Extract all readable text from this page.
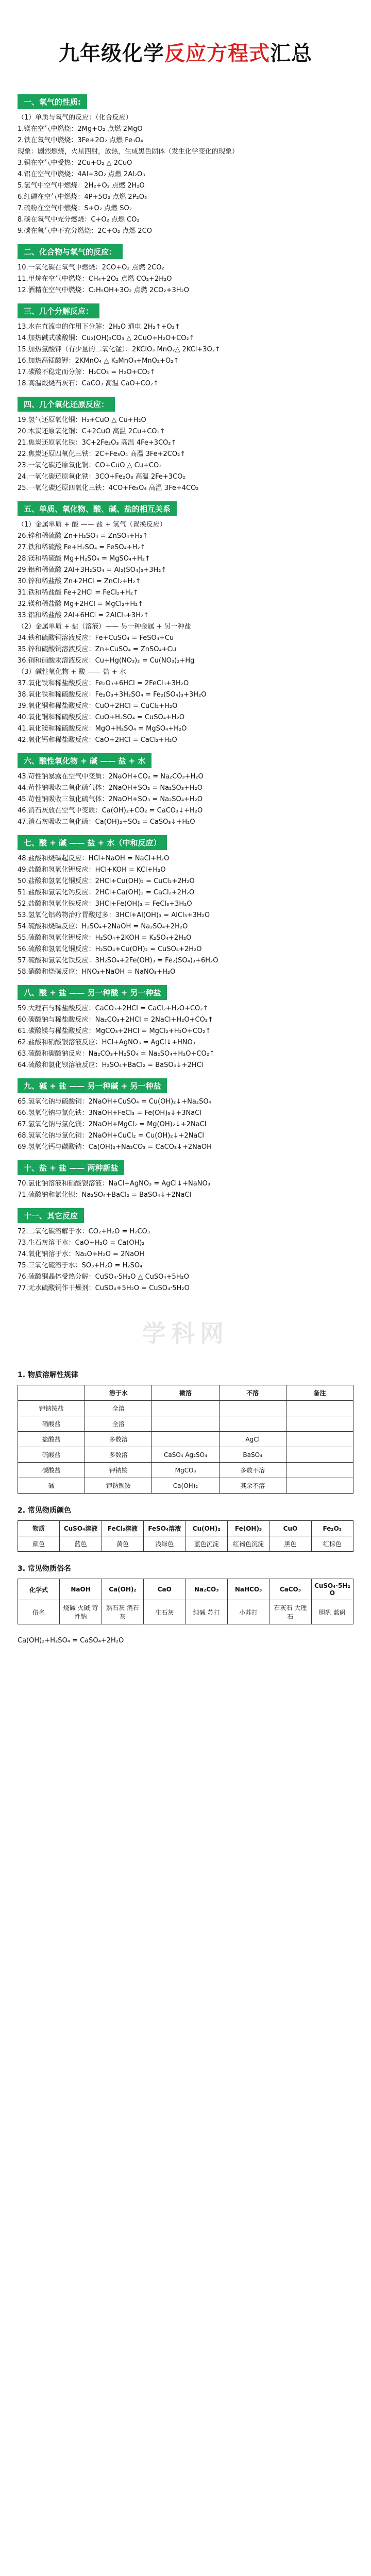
九年级化学反应方程式汇总
一、氧气的性质:

（1）单质与氧气的反应：（化合反应）

1.镁在空气中燃烧：2Mg+O₂ 点燃 2MgO

2.铁在氧气中燃烧：3Fe+2O₂ 点燃 Fe₃O₄

现象：剧烈燃烧，火星四射，放热，生成黑色固体（发生化学变化的现象）

3.铜在空气中受热：2Cu+O₂ △ 2CuO

4.铝在空气中燃烧：4Al+3O₂ 点燃 2Al₂O₃

5.氢气中空气中燃烧：2H₂+O₂ 点燃 2H₂O

6.红磷在空气中燃烧：4P+5O₂ 点燃 2P₂O₅

7.硫粉在空气中燃烧：S+O₂ 点燃 SO₂

8.碳在氧气中充分燃烧：C+O₂ 点燃 CO₂

9.碳在氧气中不充分燃烧：2C+O₂ 点燃 2CO

二、化合物与氧气的反应：

10.一氧化碳在氧气中燃烧：2CO+O₂ 点燃 2CO₂

11.甲烷在空气中燃烧：CH₄+2O₂ 点燃 CO₂+2H₂O

12.酒精在空气中燃烧：C₂H₅OH+3O₂ 点燃 2CO₂+3H₂O

三、几个分解反应：

13.水在直流电的作用下分解：2H₂O 通电 2H₂↑+O₂↑

14.加热碱式碳酸铜：Cu₂(OH)₂CO₃ △ 2CuO+H₂O+CO₂↑

15.加热氯酸钾（有少量的二氧化锰）：2KClO₃ MnO₂△ 2KCl+3O₂↑

16.加热高锰酸钾：2KMnO₄ △ K₂MnO₄+MnO₂+O₂↑

17.碳酸不稳定而分解：H₂CO₃ = H₂O+CO₂↑

18.高温煅烧石灰石：CaCO₃ 高温 CaO+CO₂↑

四、几个氧化还原反应：

19.氢气还原氧化铜：H₂+CuO △ Cu+H₂O

20.木炭还原氧化铜：C+2CuO 高温 2Cu+CO₂↑

21.焦炭还原氧化铁：3C+2Fe₂O₃ 高温 4Fe+3CO₂↑

22.焦炭还原四氧化三铁：2C+Fe₃O₄ 高温 3Fe+2CO₂↑

23.一氧化碳还原氧化铜：CO+CuO △ Cu+CO₂

24.一氧化碳还原氧化铁：3CO+Fe₂O₃ 高温 2Fe+3CO₂

25.一氧化碳还原四氧化三铁：4CO+Fe₃O₄ 高温 3Fe+4CO₂

五、单质、氧化物、酸、碱、盐的相互关系

（1）金属单质 + 酸 —— 盐 + 氢气（置换反应）

26.锌和稀硫酸 Zn+H₂SO₄ = ZnSO₄+H₂↑

27.铁和稀硫酸 Fe+H₂SO₄ = FeSO₄+H₂↑

28.镁和稀硫酸 Mg+H₂SO₄ = MgSO₄+H₂↑

29.铝和稀硫酸 2Al+3H₂SO₄ = Al₂(SO₄)₃+3H₂↑

30.锌和稀盐酸 Zn+2HCl = ZnCl₂+H₂↑

31.铁和稀盐酸 Fe+2HCl = FeCl₂+H₂↑

32.镁和稀盐酸 Mg+2HCl = MgCl₂+H₂↑

33.铝和稀盐酸 2Al+6HCl = 2AlCl₃+3H₂↑

（2）金属单质 + 盐（溶液）—— 另一种金属 + 另一种盐

34.铁和硫酸铜溶液反应：Fe+CuSO₄ = FeSO₄+Cu

35.锌和硫酸铜溶液反应：Zn+CuSO₄ = ZnSO₄+Cu

36.铜和硝酸汞溶液反应：Cu+Hg(NO₃)₂ = Cu(NO₃)₂+Hg

（3）碱性氧化物 + 酸 —— 盐 + 水

37.氧化铁和稀盐酸反应：Fe₂O₃+6HCl = 2FeCl₃+3H₂O

38.氧化铁和稀硫酸反应：Fe₂O₃+3H₂SO₄ = Fe₂(SO₄)₃+3H₂O

39.氧化铜和稀盐酸反应：CuO+2HCl = CuCl₂+H₂O

40.氧化铜和稀硫酸反应：CuO+H₂SO₄ = CuSO₄+H₂O

41.氧化镁和稀硫酸反应：MgO+H₂SO₄ = MgSO₄+H₂O

42.氧化钙和稀盐酸反应：CaO+2HCl = CaCl₂+H₂O

六、酸性氧化物 + 碱 —— 盐 + 水

43.苛性钠暴露在空气中变质：2NaOH+CO₂ = Na₂CO₃+H₂O

44.苛性钠吸收二氧化硫气体：2NaOH+SO₂ = Na₂SO₃+H₂O

45.苛性钠吸收三氧化硫气体：2NaOH+SO₃ = Na₂SO₄+H₂O

46.消石灰放在空气中变质：Ca(OH)₂+CO₂ = CaCO₃↓+H₂O

47.消石灰吸收二氧化硫：Ca(OH)₂+SO₂ = CaSO₃↓+H₂O

七、酸 + 碱 —— 盐 + 水（中和反应）

48.盐酸和烧碱起反应：HCl+NaOH = NaCl+H₂O

49.盐酸和氢氧化钾反应：HCl+KOH = KCl+H₂O

50.盐酸和氢氧化铜反应：2HCl+Cu(OH)₂ = CuCl₂+2H₂O

51.盐酸和氢氧化钙反应：2HCl+Ca(OH)₂ = CaCl₂+2H₂O

52.盐酸和氢氧化铁反应：3HCl+Fe(OH)₃ = FeCl₃+3H₂O

53.氢氧化铝药物治疗胃酸过多：3HCl+Al(OH)₃ = AlCl₃+3H₂O

54.硫酸和烧碱反应：H₂SO₄+2NaOH = Na₂SO₄+2H₂O

55.硫酸和氢氧化钾反应：H₂SO₄+2KOH = K₂SO₄+2H₂O

56.硫酸和氢氧化铜反应：H₂SO₄+Cu(OH)₂ = CuSO₄+2H₂O

57.硫酸和氢氧化铁反应：3H₂SO₄+2Fe(OH)₃ = Fe₂(SO₄)₃+6H₂O

58.硝酸和烧碱反应：HNO₃+NaOH = NaNO₃+H₂O

八、酸 + 盐 —— 另一种酸 + 另一种盐

59.大理石与稀盐酸反应：CaCO₃+2HCl = CaCl₂+H₂O+CO₂↑

60.碳酸钠与稀盐酸反应：Na₂CO₃+2HCl = 2NaCl+H₂O+CO₂↑

61.碳酸镁与稀盐酸反应：MgCO₃+2HCl = MgCl₂+H₂O+CO₂↑

62.盐酸和硝酸银溶液反应：HCl+AgNO₃ = AgCl↓+HNO₃

63.硫酸和碳酸钠反应：Na₂CO₃+H₂SO₄ = Na₂SO₄+H₂O+CO₂↑

64.硫酸和氯化钡溶液反应：H₂SO₄+BaCl₂ = BaSO₄↓+2HCl

九、碱 + 盐 —— 另一种碱 + 另一种盐

65.氢氧化钠与硫酸铜：2NaOH+CuSO₄ = Cu(OH)₂↓+Na₂SO₄

66.氢氧化钠与氯化铁：3NaOH+FeCl₃ = Fe(OH)₃↓+3NaCl

67.氢氧化钠与氯化镁：2NaOH+MgCl₂ = Mg(OH)₂↓+2NaCl

68.氢氧化钠与氯化铜：2NaOH+CuCl₂ = Cu(OH)₂↓+2NaCl

69.氢氧化钙与碳酸钠：Ca(OH)₂+Na₂CO₃ = CaCO₃↓+2NaOH

十、盐 + 盐 —— 两种新盐

70.氯化钠溶液和硝酸银溶液：NaCl+AgNO₃ = AgCl↓+NaNO₃

71.硫酸钠和氯化钡：Na₂SO₄+BaCl₂ = BaSO₄↓+2NaCl

十一、其它反应

72.二氧化碳溶解于水：CO₂+H₂O = H₂CO₃

73.生石灰溶于水：CaO+H₂O = Ca(OH)₂

74.氧化钠溶于水：Na₂O+H₂O = 2NaOH

75.三氧化硫溶于水：SO₃+H₂O = H₂SO₄

76.硫酸铜晶体受热分解：CuSO₄·5H₂O △ CuSO₄+5H₂O

77.无水硫酸铜作干燥剂：CuSO₄+5H₂O = CuSO₄·5H₂O

学科网
1. 物质溶解性规律
	溶于水	微溶	不溶	备注
钾钠铵盐	全溶			
硝酸盐	全溶			
盐酸盐	多数溶		AgCl	
硫酸盐	多数溶	CaSO₄ Ag₂SO₄	BaSO₄	
碳酸盐	钾钠铵	MgCO₃	多数不溶	
碱	钾钠钡铵	Ca(OH)₂	其余不溶	
2. 常见物质颜色
物质	CuSO₄溶液	FeCl₃溶液	FeSO₄溶液	Cu(OH)₂	Fe(OH)₃	CuO	Fe₂O₃
颜色	蓝色	黄色	浅绿色	蓝色沉淀	红褐色沉淀	黑色	红棕色
3. 常见物质俗名
化学式	NaOH	Ca(OH)₂	CaO	Na₂CO₃	NaHCO₃	CaCO₃	CuSO₄·5H₂O
俗名	烧碱 火碱 苛性钠	熟石灰 消石灰	生石灰	纯碱 苏打	小苏打	石灰石 大理石	胆矾 蓝矾
Ca(OH)₂+H₂SO₄ = CaSO₄+2H₂O
